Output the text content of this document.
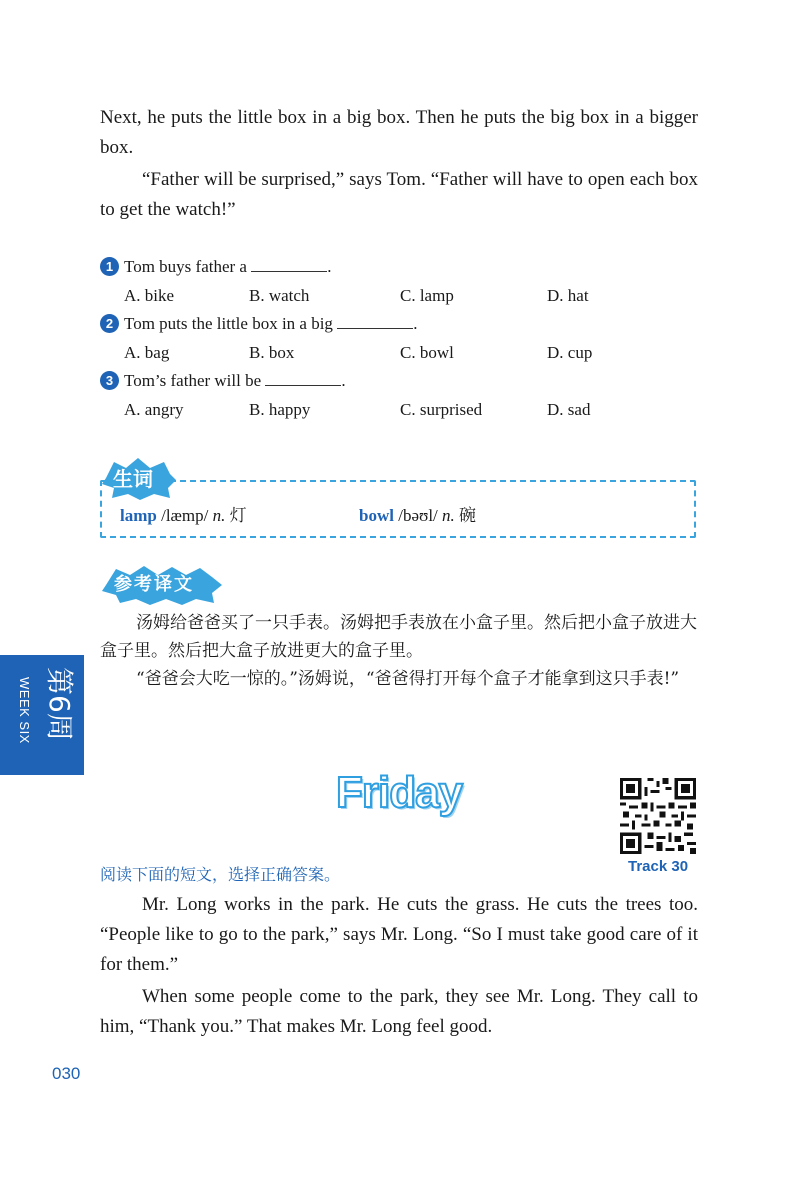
Next, he puts the little box in a big box. Then he puts the big box in a bigger box.

“Father will be surprised,” says Tom. “Father will have to open each box to get the watch!”

1 Tom buys father a	.
A. bike	B. watch	C. lamp	D. hat
2 Tom puts the little box in a big	.
A. bag	B. box	C. bowl	D. cup
3 Tom’s father will be	.
A. angry	B. happy	C. surprised	D. sad
生词
lamp /læmp/ n. 灯	bowl /bəʊl/ n. 碗
参考译文

汤姆给爸爸买了一只手表。汤姆把手表放在小盒子里。然后把小盒子放进大盒子里。然后把大盒子放进更大的盒子里。

“爸爸会大吃一惊的。”汤姆说，“爸爸得打开每个盒子才能拿到这只手表!”

第6周
WEEK SIX
Friday
Track 30
阅读下面的短文，选择正确答案。

Mr. Long works in the park. He cuts the grass. He cuts the trees too. “People like to go to the park,” says Mr. Long. “So I must take good care of it for them.”

When some people come to the park, they see Mr. Long. They call to him, “Thank you.” That makes Mr. Long feel good.

030
